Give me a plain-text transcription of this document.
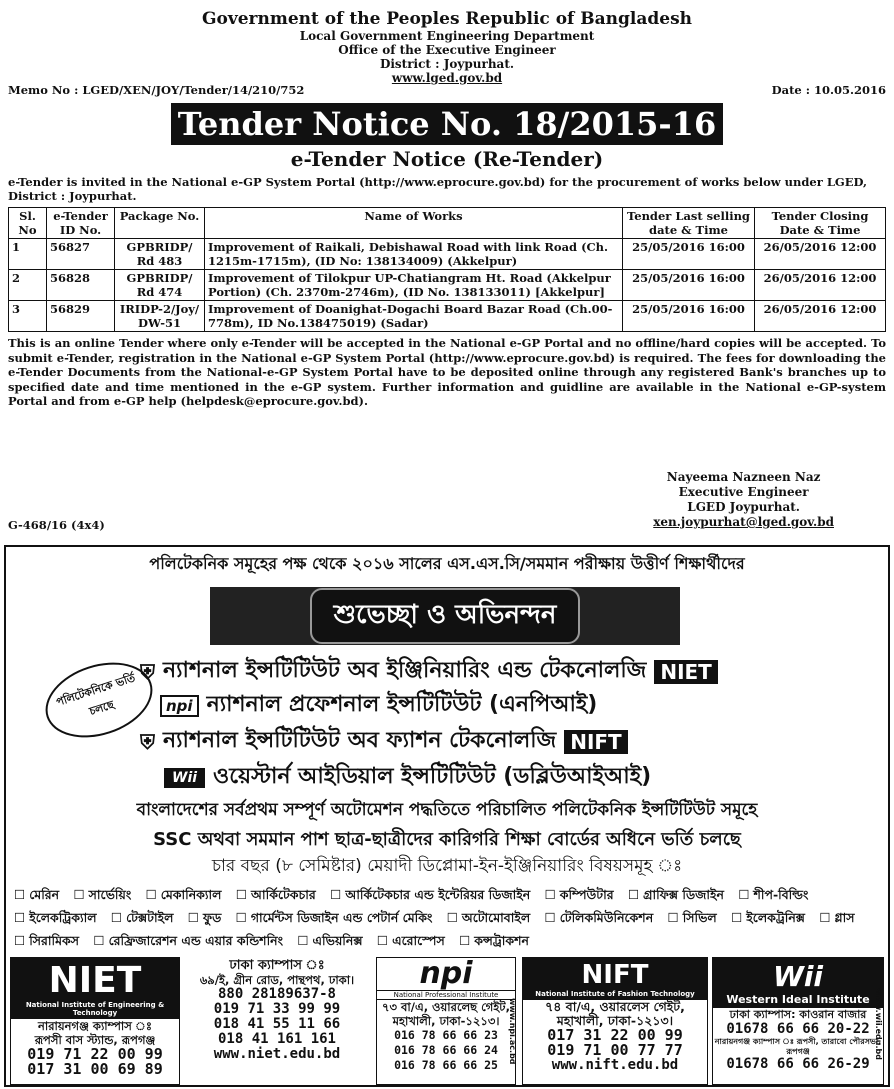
Government of the Peoples Republic of Bangladesh
Local Government Engineering Department
Office of the Executive Engineer
District : Joypurhat.
www.lged.gov.bd
Memo No : LGED/XEN/JOY/Tender/14/210/752	Date : 10.05.2016
Tender Notice No. 18/2015-16
e-Tender Notice (Re-Tender)
e-Tender is invited in the National e-GP System Portal (http://www.eprocure.gov.bd) for the procurement of works below under LGED, District : Joypurhat.
Sl. No	e-Tender ID No.	Package No.	Name of Works	Tender Last selling date & Time	Tender Closing Date & Time
1	56827	GPBRIDP/ Rd 483	Improvement of Raikali, Debishawal Road with link Road (Ch. 1215m-1715m), (ID No: 138134009) (Akkelpur)	25/05/2016 16:00	26/05/2016 12:00
2	56828	GPBRIDP/ Rd 474	Improvement of Tilokpur UP-Chatiangram Ht. Road (Akkelpur Portion) (Ch. 2370m-2746m), (ID No. 138133011) [Akkelpur]	25/05/2016 16:00	26/05/2016 12:00
3	56829	IRIDP-2/Joy/ DW-51	Improvement of Doanighat-Dogachi Board Bazar Road (Ch.00-778m), ID No.138475019) (Sadar)	25/05/2016 16:00	26/05/2016 12:00
This is an online Tender where only e-Tender will be accepted in the National e-GP Portal and no offline/hard copies will be accepted. To submit e-Tender, registration in the National e-GP System Portal (http://www.eprocure.gov.bd) is required. The fees for downloading the e-Tender Documents from the National-e-GP System Portal have to be deposited online through any registered Bank's branches up to specified date and time mentioned in the e-GP system. Further information and guidline are available in the National e-GP-system Portal and from e-GP help (helpdesk@eprocure.gov.bd).
Nayeema Nazneen Naz
Executive Engineer
LGED Joypurhat.
xen.joypurhat@lged.gov.bd
G-468/16 (4x4)
পলিটেকনিক সমূহের পক্ষ থেকে ২০১৬ সালের এস.এস.সি/সমমান পরীক্ষায় উত্তীর্ণ শিক্ষার্থীদের
শুভেচ্ছা ও অভিনন্দন
পলিটেকনিকে ভর্তি চলছে
⛨ ন্যাশনাল ইন্সটিটিউট অব ইঞ্জিনিয়ারিং এন্ড টেকনোলজি NIET
npi ন্যাশনাল প্রফেশনাল ইন্সটিটিউট (এনপিআই)
⛨ ন্যাশনাল ইন্সটিটিউট অব ফ্যাশন টেকনোলজি NIFT
Wii ওয়েস্টার্ন আইডিয়াল ইন্সটিটিউট (ডব্লিউআইআই)
বাংলাদেশের সর্বপ্রথম সম্পূর্ণ অটোমেশন পদ্ধতিতে পরিচালিত পলিটেকনিক ইন্সটিটিউট সমূহে
SSC অথবা সমমান পাশ ছাত্র-ছাত্রীদের কারিগরি শিক্ষা বোর্ডের অধিনে ভর্তি চলছে
চার বছর (৮ সেমিষ্টার) মেয়াদী ডিপ্লোমা-ইন-ইঞ্জিনিয়ারিং বিষয়সমূহ ঃ
☐ মেরিন ☐ সার্ভেয়িং ☐ মেকানিক্যাল ☐ আর্কিটেকচার ☐ আর্কিটেকচার এন্ড ইন্টেরিয়র ডিজাইন ☐ কম্পিউটার ☐ গ্রাফিক্স ডিজাইন ☐ শীপ-বিল্ডিং ☐ ইলেকট্রিক্যাল ☐ টেক্সটাইল ☐ ফুড ☐ গার্মেন্টস ডিজাইন এন্ড পেটার্ন মেকিং ☐ অটোমোবাইল ☐ টেলিকমিউনিকেশন ☐ সিভিল ☐ ইলেকট্রনিক্স ☐ গ্লাস ☐ সিরামিকস ☐ রেফ্রিজারেশন এন্ড এয়ার কন্ডিশনিং ☐ এভিয়নিক্স ☐ এরোস্পেস ☐ কন্সট্রাকশন
NIET
National Institute of Engineering & Technology
নারায়নগঞ্জ ক্যাম্পাস ঃ
রূপসী বাস স্ট্যান্ড, রূপগঞ্জ
019 71 22 00 99
017 31 00 69 89
ঢাকা ক্যাম্পাস ঃ
৬৯/ই, গ্রীন রোড, পান্থপথ, ঢাকা।
880 28189637-8
019 71 33 99 99
018 41 55 11 66
018 41 161 161
www.niet.edu.bd
npi
National Professional Institute
৭৩ বা/এ, ওয়ারলেছ গেইট,
মহাখালী, ঢাকা-১২১৩।
016 78 66 66 23
016 78 66 66 24
016 78 66 66 25
www.npi.ac.bd
NIFT
National Institute of Fashion Technology
৭৪ বা/এ, ওয়ারলেস গেইট,
মহাখালী, ঢাকা-১২১৩।
017 31 22 00 99
019 71 00 77 77
www.nift.edu.bd
Wii
Western Ideal Institute
ঢাকা ক্যাম্পাস: কাওরান বাজার
01678 66 66 20-22
নারায়নগঞ্জ ক্যাম্পাস ঃ রূপসী, তারাবো পৌরসভা, রূপগঞ্জ
01678 66 66 26-29
www.wii.edu.bd
